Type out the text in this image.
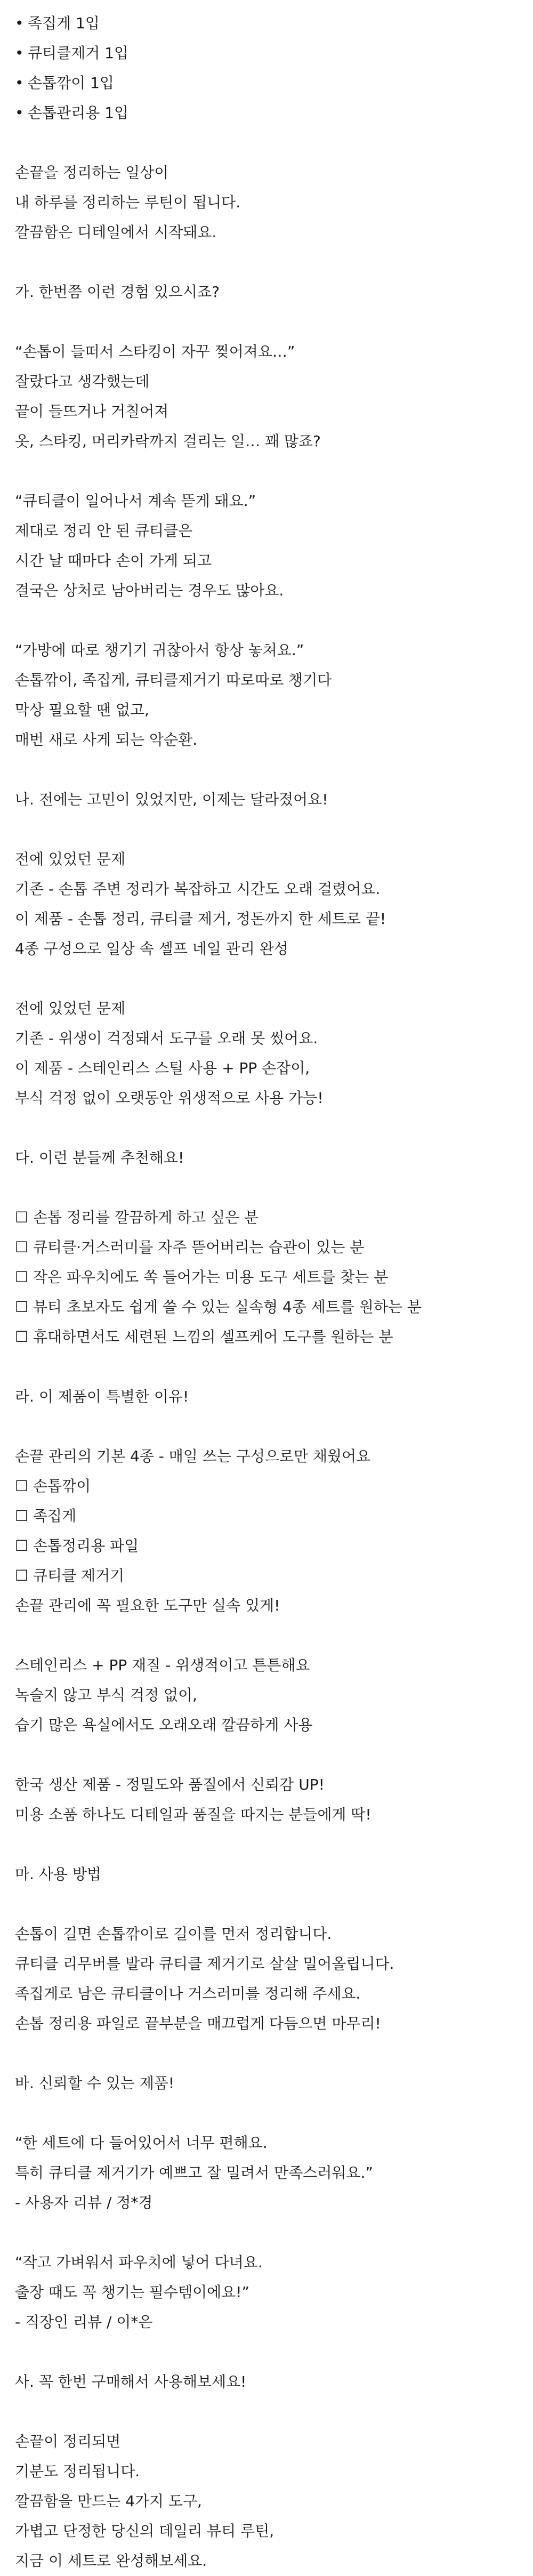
• 족집게 1입
• 큐티클제거 1입
• 손톱깎이 1입
• 손톱관리용 1입

손끝을 정리하는 일상이

내 하루를 정리하는 루틴이 됩니다.

깔끔함은 디테일에서 시작돼요.

가. 한번쯤 이런 경험 있으시죠?

“손톱이 들떠서 스타킹이 자꾸 찢어져요…”

잘랐다고 생각했는데

끝이 들뜨거나 거칠어져

옷, 스타킹, 머리카락까지 걸리는 일… 꽤 많죠?

“큐티클이 일어나서 계속 뜯게 돼요.”

제대로 정리 안 된 큐티클은

시간 날 때마다 손이 가게 되고

결국은 상처로 남아버리는 경우도 많아요.

“가방에 따로 챙기기 귀찮아서 항상 놓쳐요.”

손톱깎이, 족집게, 큐티클제거기 따로따로 챙기다

막상 필요할 땐 없고,

매번 새로 사게 되는 악순환.

나. 전에는 고민이 있었지만, 이제는 달라졌어요!

전에 있었던 문제

기존 - 손톱 주변 정리가 복잡하고 시간도 오래 걸렸어요.

이 제품 - 손톱 정리, 큐티클 제거, 정돈까지 한 세트로 끝!

4종 구성으로 일상 속 셀프 네일 관리 완성

전에 있었던 문제

기존 - 위생이 걱정돼서 도구를 오래 못 썼어요.

이 제품 - 스테인리스 스틸 사용 + PP 손잡이,

부식 걱정 없이 오랫동안 위생적으로 사용 가능!

다. 이런 분들께 추천해요!

☐ 손톱 정리를 깔끔하게 하고 싶은 분

☐ 큐티클·거스러미를 자주 뜯어버리는 습관이 있는 분

☐ 작은 파우치에도 쏙 들어가는 미용 도구 세트를 찾는 분

☐ 뷰티 초보자도 쉽게 쓸 수 있는 실속형 4종 세트를 원하는 분

☐ 휴대하면서도 세련된 느낌의 셀프케어 도구를 원하는 분

라. 이 제품이 특별한 이유!

손끝 관리의 기본 4종 - 매일 쓰는 구성으로만 채웠어요

☐ 손톱깎이

☐ 족집게

☐ 손톱정리용 파일

☐ 큐티클 제거기

손끝 관리에 꼭 필요한 도구만 실속 있게!

스테인리스 + PP 재질 - 위생적이고 튼튼해요

녹슬지 않고 부식 걱정 없이,

습기 많은 욕실에서도 오래오래 깔끔하게 사용

한국 생산 제품 - 정밀도와 품질에서 신뢰감 UP!

미용 소품 하나도 디테일과 품질을 따지는 분들에게 딱!

마. 사용 방법

손톱이 길면 손톱깎이로 길이를 먼저 정리합니다.

큐티클 리무버를 발라 큐티클 제거기로 살살 밀어올립니다.

족집게로 남은 큐티클이나 거스러미를 정리해 주세요.

손톱 정리용 파일로 끝부분을 매끄럽게 다듬으면 마무리!

바. 신뢰할 수 있는 제품!

“한 세트에 다 들어있어서 너무 편해요.

특히 큐티클 제거기가 예쁘고 잘 밀려서 만족스러워요.”

- 사용자 리뷰 / 정*경

“작고 가벼워서 파우치에 넣어 다녀요.

출장 때도 꼭 챙기는 필수템이에요!”

- 직장인 리뷰 / 이*은

사. 꼭 한번 구매해서 사용해보세요!

손끝이 정리되면

기분도 정리됩니다.

깔끔함을 만드는 4가지 도구,

가볍고 단정한 당신의 데일리 뷰티 루틴,

지금 이 세트로 완성해보세요.
